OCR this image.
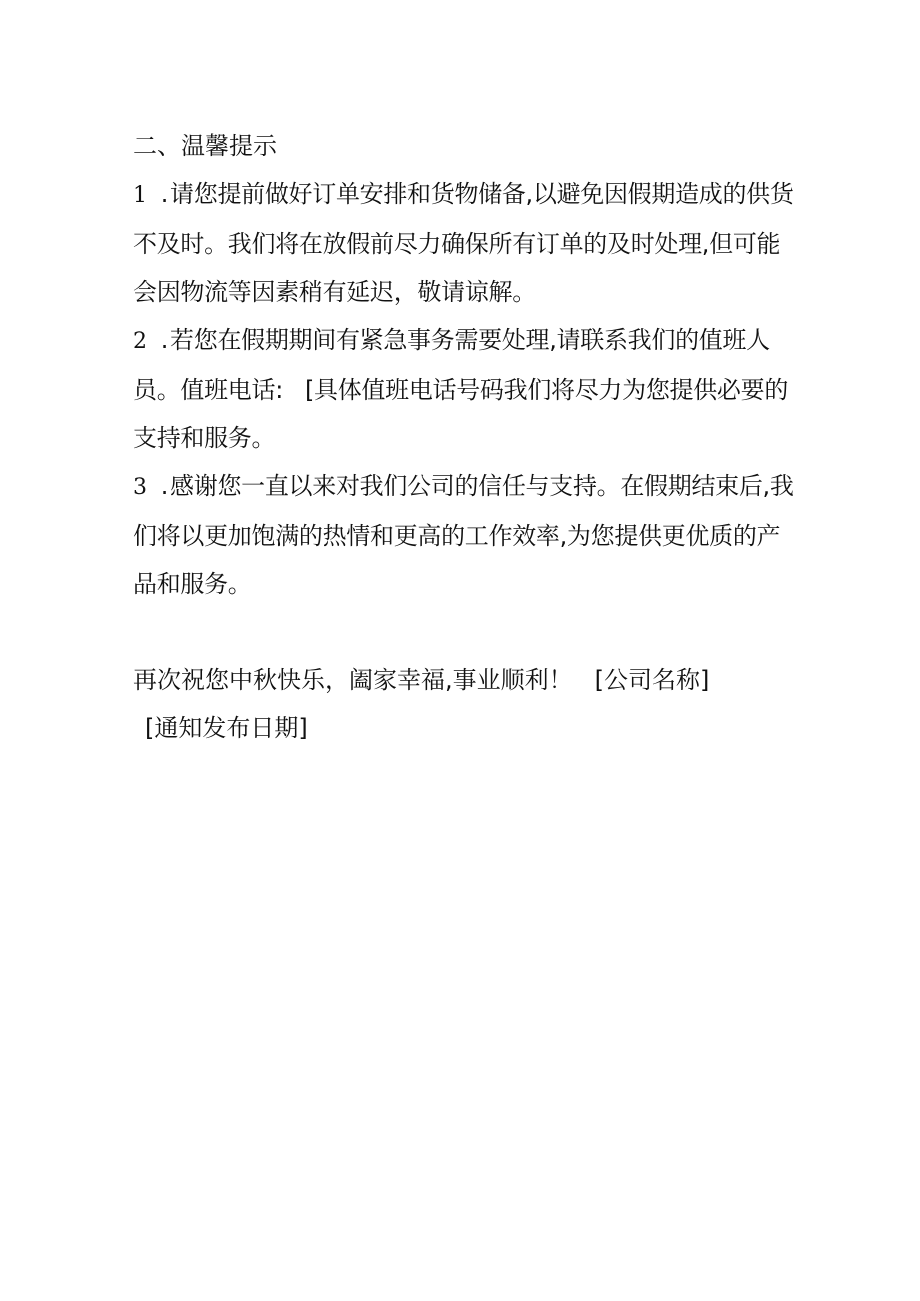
二、温馨提示

1 .请您提前做好订单安排和货物储备,以避免因假期造成的供货不及时。我们将在放假前尽力确保所有订单的及时处理,但可能会因物流等因素稍有延迟，敬请谅解。

2 .若您在假期期间有紧急事务需要处理,请联系我们的值班人员。值班电话:   [具体值班电话号码我们将尽力为您提供必要的支持和服务。

3 .感谢您一直以来对我们公司的信任与支持。在假期结束后,我们将以更加饱满的热情和更高的工作效率,为您提供更优质的产品和服务。

再次祝您中秋快乐，阖家幸福,事业顺利！ [公司名称]

[通知发布日期]
